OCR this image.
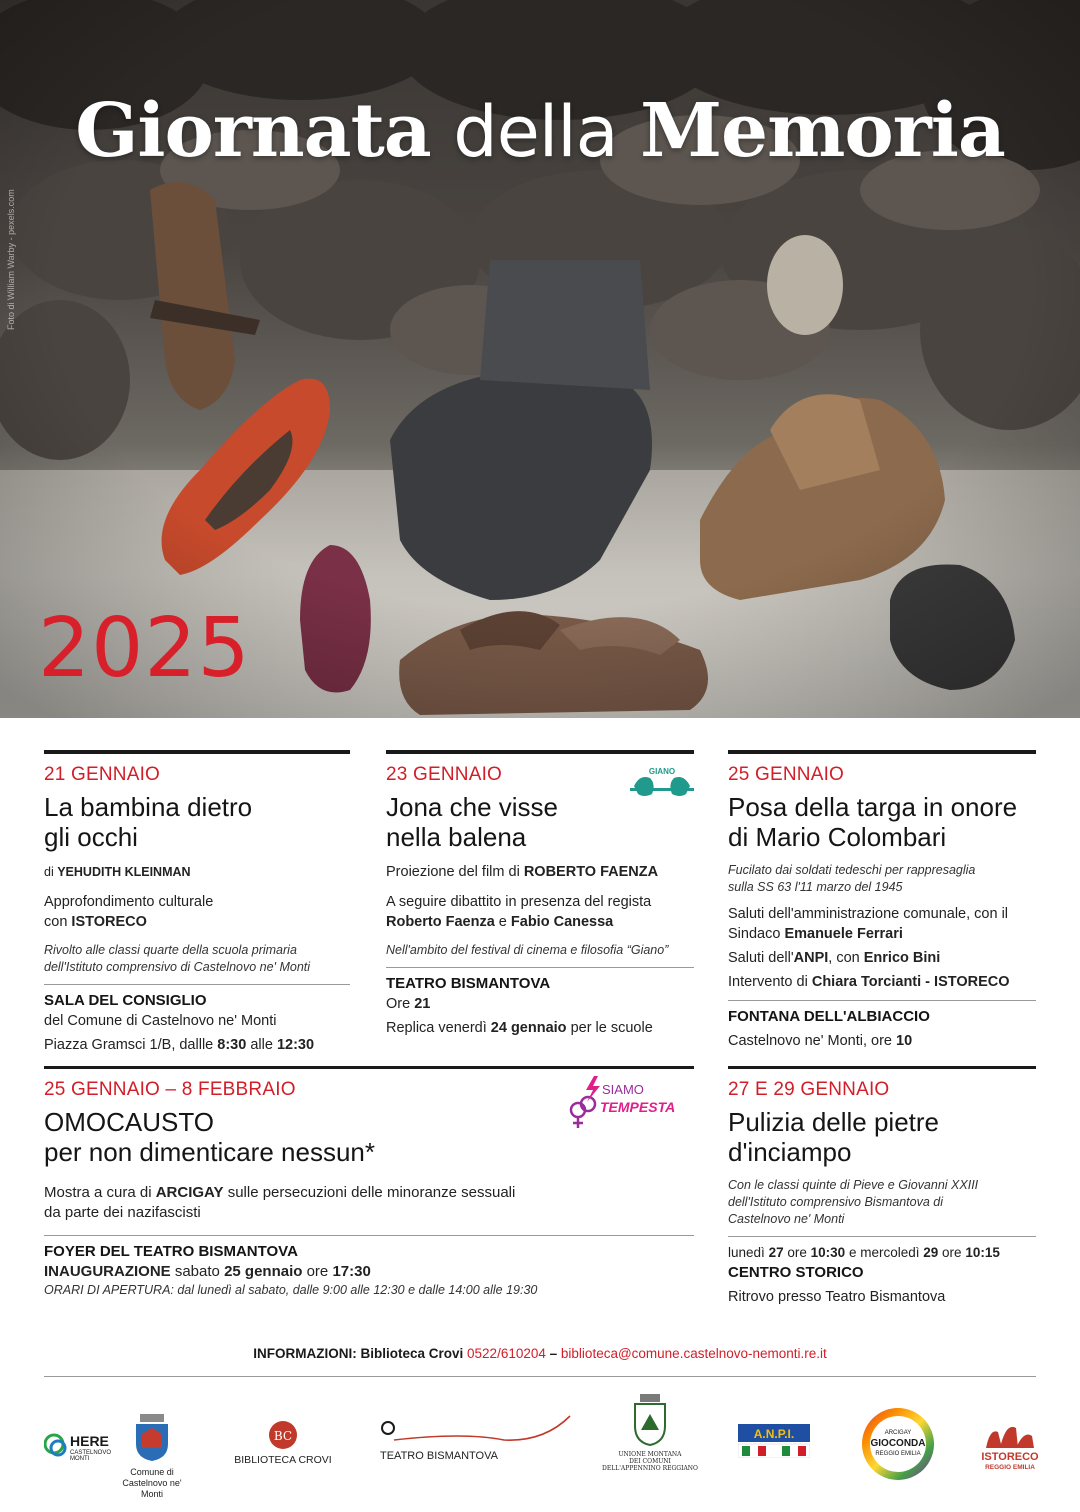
Giornata della Memoria
2025
Foto di William Warby - pexels.com
21 GENNAIO
La bambina dietro
gli occhi
di YEHUDITH KLEINMAN
Approfondimento culturale
con ISTORECO
Rivolto alle classi quarte della scuola primaria
dell'Istituto comprensivo di Castelnovo ne' Monti
SALA DEL CONSIGLIO
del Comune di Castelnovo ne' Monti
Piazza Gramsci 1/B, dallle 8:30 alle 12:30
23 GENNAIO
Jona che visse
nella balena
Proiezione del film di ROBERTO FAENZA
A seguire dibattito in presenza del regista
Roberto Faenza e Fabio Canessa
Nell'ambito del festival di cinema e filosofia “Giano”
TEATRO BISMANTOVA
Ore 21
Replica venerdì 24 gennaio per le scuole
GIANO	25 GENNAIO
Posa della targa in onore
di Mario Colombari
Fucilato dai soldati tedeschi per rappresaglia
sulla SS 63 l'11 marzo del 1945
Saluti dell'amministrazione comunale, con il
Sindaco Emanuele Ferrari
Saluti dell'ANPI, con Enrico Bini
Intervento di Chiara Torcianti - ISTORECO
FONTANA DELL'ALBIACCIO
Castelnovo ne' Monti, ore 10
25 GENNAIO – 8 FEBBRAIO
OMOCAUSTO
per non dimenticare nessun*
Mostra a cura di ARCIGAY sulle persecuzioni delle minoranze sessuali
da parte dei nazifascisti
FOYER DEL TEATRO BISMANTOVA
INAUGURAZIONE sabato 25 gennaio ore 17:30
ORARI DI APERTURA: dal lunedì al sabato, dalle 9:00 alle 12:30 e dalle 14:00 alle 19:30
SIAMO
TEMPESTA
27 E 29 GENNAIO
Pulizia delle pietre
d'inciampo
Con le classi quinte di Pieve e Giovanni XXIII
dell'Istituto comprensivo Bismantova di
Castelnovo ne' Monti
lunedì 27 ore 10:30 e mercoledì 29 ore 10:15
CENTRO STORICO
Ritrovo presso Teatro Bismantova
INFORMAZIONI: Biblioteca Crovi 0522/610204 – biblioteca@comune.castelnovo-nemonti.re.it
HERE
CASTELNOVO
MONTI
Comune di
Castelnovo ne' Monti
BC
BIBLIOTECA CROVI	TEATRO BISMANTOVA	UNIONE MONTANA
DEI COMUNI
DELL'APPENNINO REGGIANO
A.N.P.I.	ARCIGAY
GIOCONDA
REGGIO EMILIA	ISTORECO
REGGIO EMILIA
